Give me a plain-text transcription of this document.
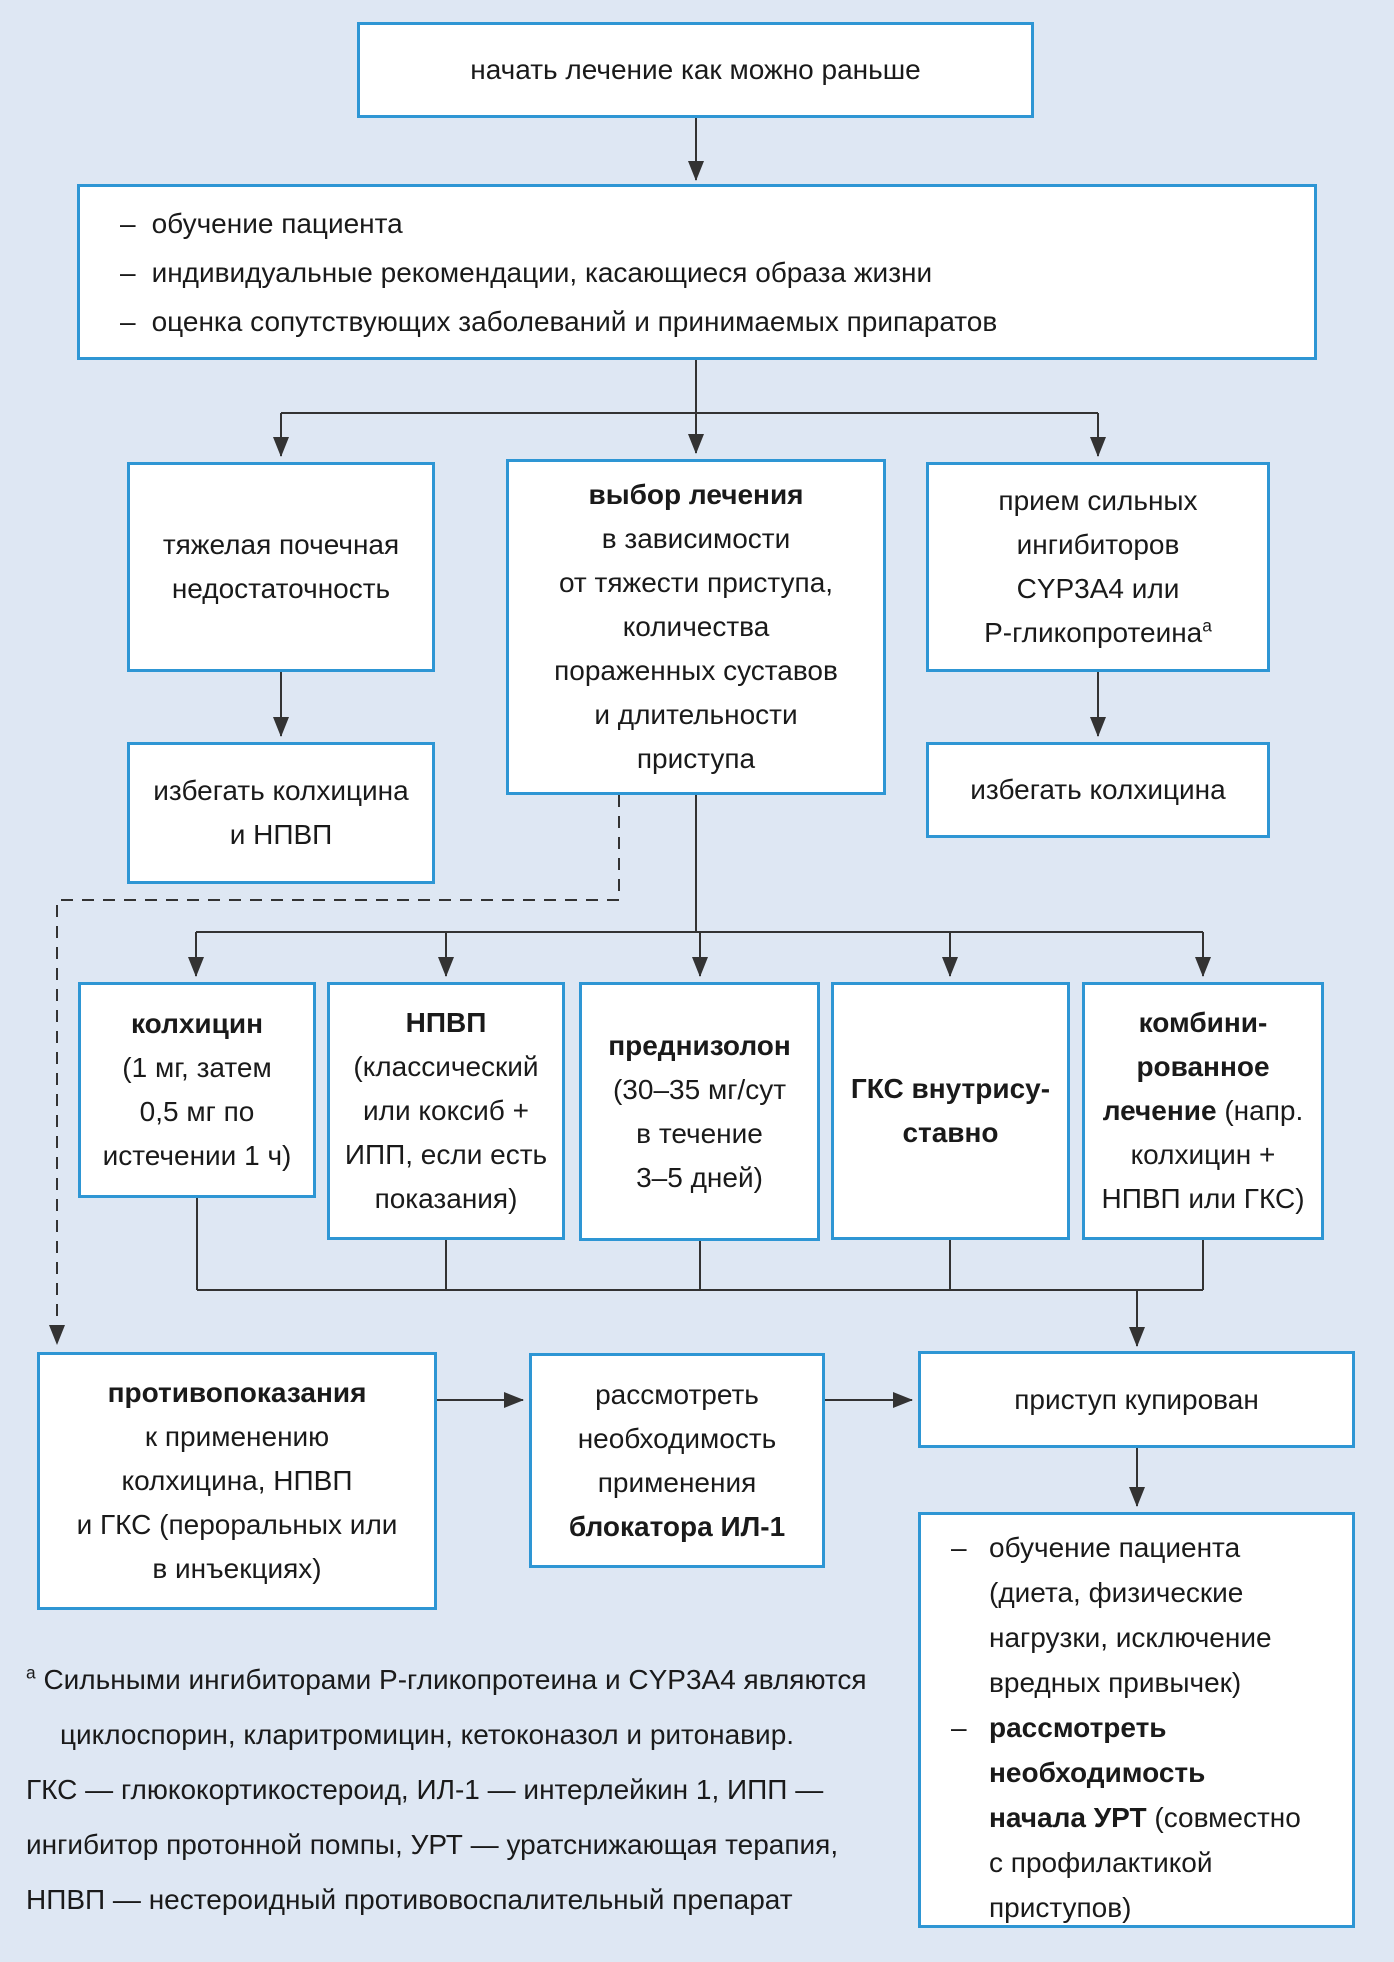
начать лечение как можно раньше
– обучение пациента
– индивидуальные рекомендации, касающиеся образа жизни
– оценка сопутствующих заболеваний и принимаемых припаратов
тяжелая почечная
недостаточность
выбор лечения
в зависимости
от тяжести приступа,
количества
пораженных суставов
и длительности
приступа
прием сильных
ингибиторов
CYP3A4 или
Р-гликопротеина$^а$
избегать колхицина
и НПВП
избегать колхицина
колхицин
(1 мг, затем
0,5 мг по
истечении 1 ч)
НПВП
(классический
или коксиб +
ИПП, если есть
показания)
преднизолон
(30–35 мг/сут
в течение
3–5 дней)
ГКС внутрису-
ставно
комбини-
рованное
лечение (напр.
колхицин +
НПВП или ГКС)
противопоказания
к применению
колхицина, НПВП
и ГКС (пероральных или
в инъекциях)
рассмотреть
необходимость
применения
блокатора ИЛ-1
приступ купирован
– обучение пациента
(диета, физические
нагрузки, исключение
вредных привычек)
– рассмотреть
необходимость
начала УРТ (совместно
с профилактикой
приступов)
$^а$ Сильными ингибиторами Р-гликопротеина и CYP3A4 являются
циклоспорин, кларитромицин, кетоконазол и ритонавир.
ГКС — глюкокортикостероид, ИЛ-1 — интерлейкин 1, ИПП —
ингибитор протонной помпы, УРТ — уратснижающая терапия,
НПВП — нестероидный противовоспалительный препарат
